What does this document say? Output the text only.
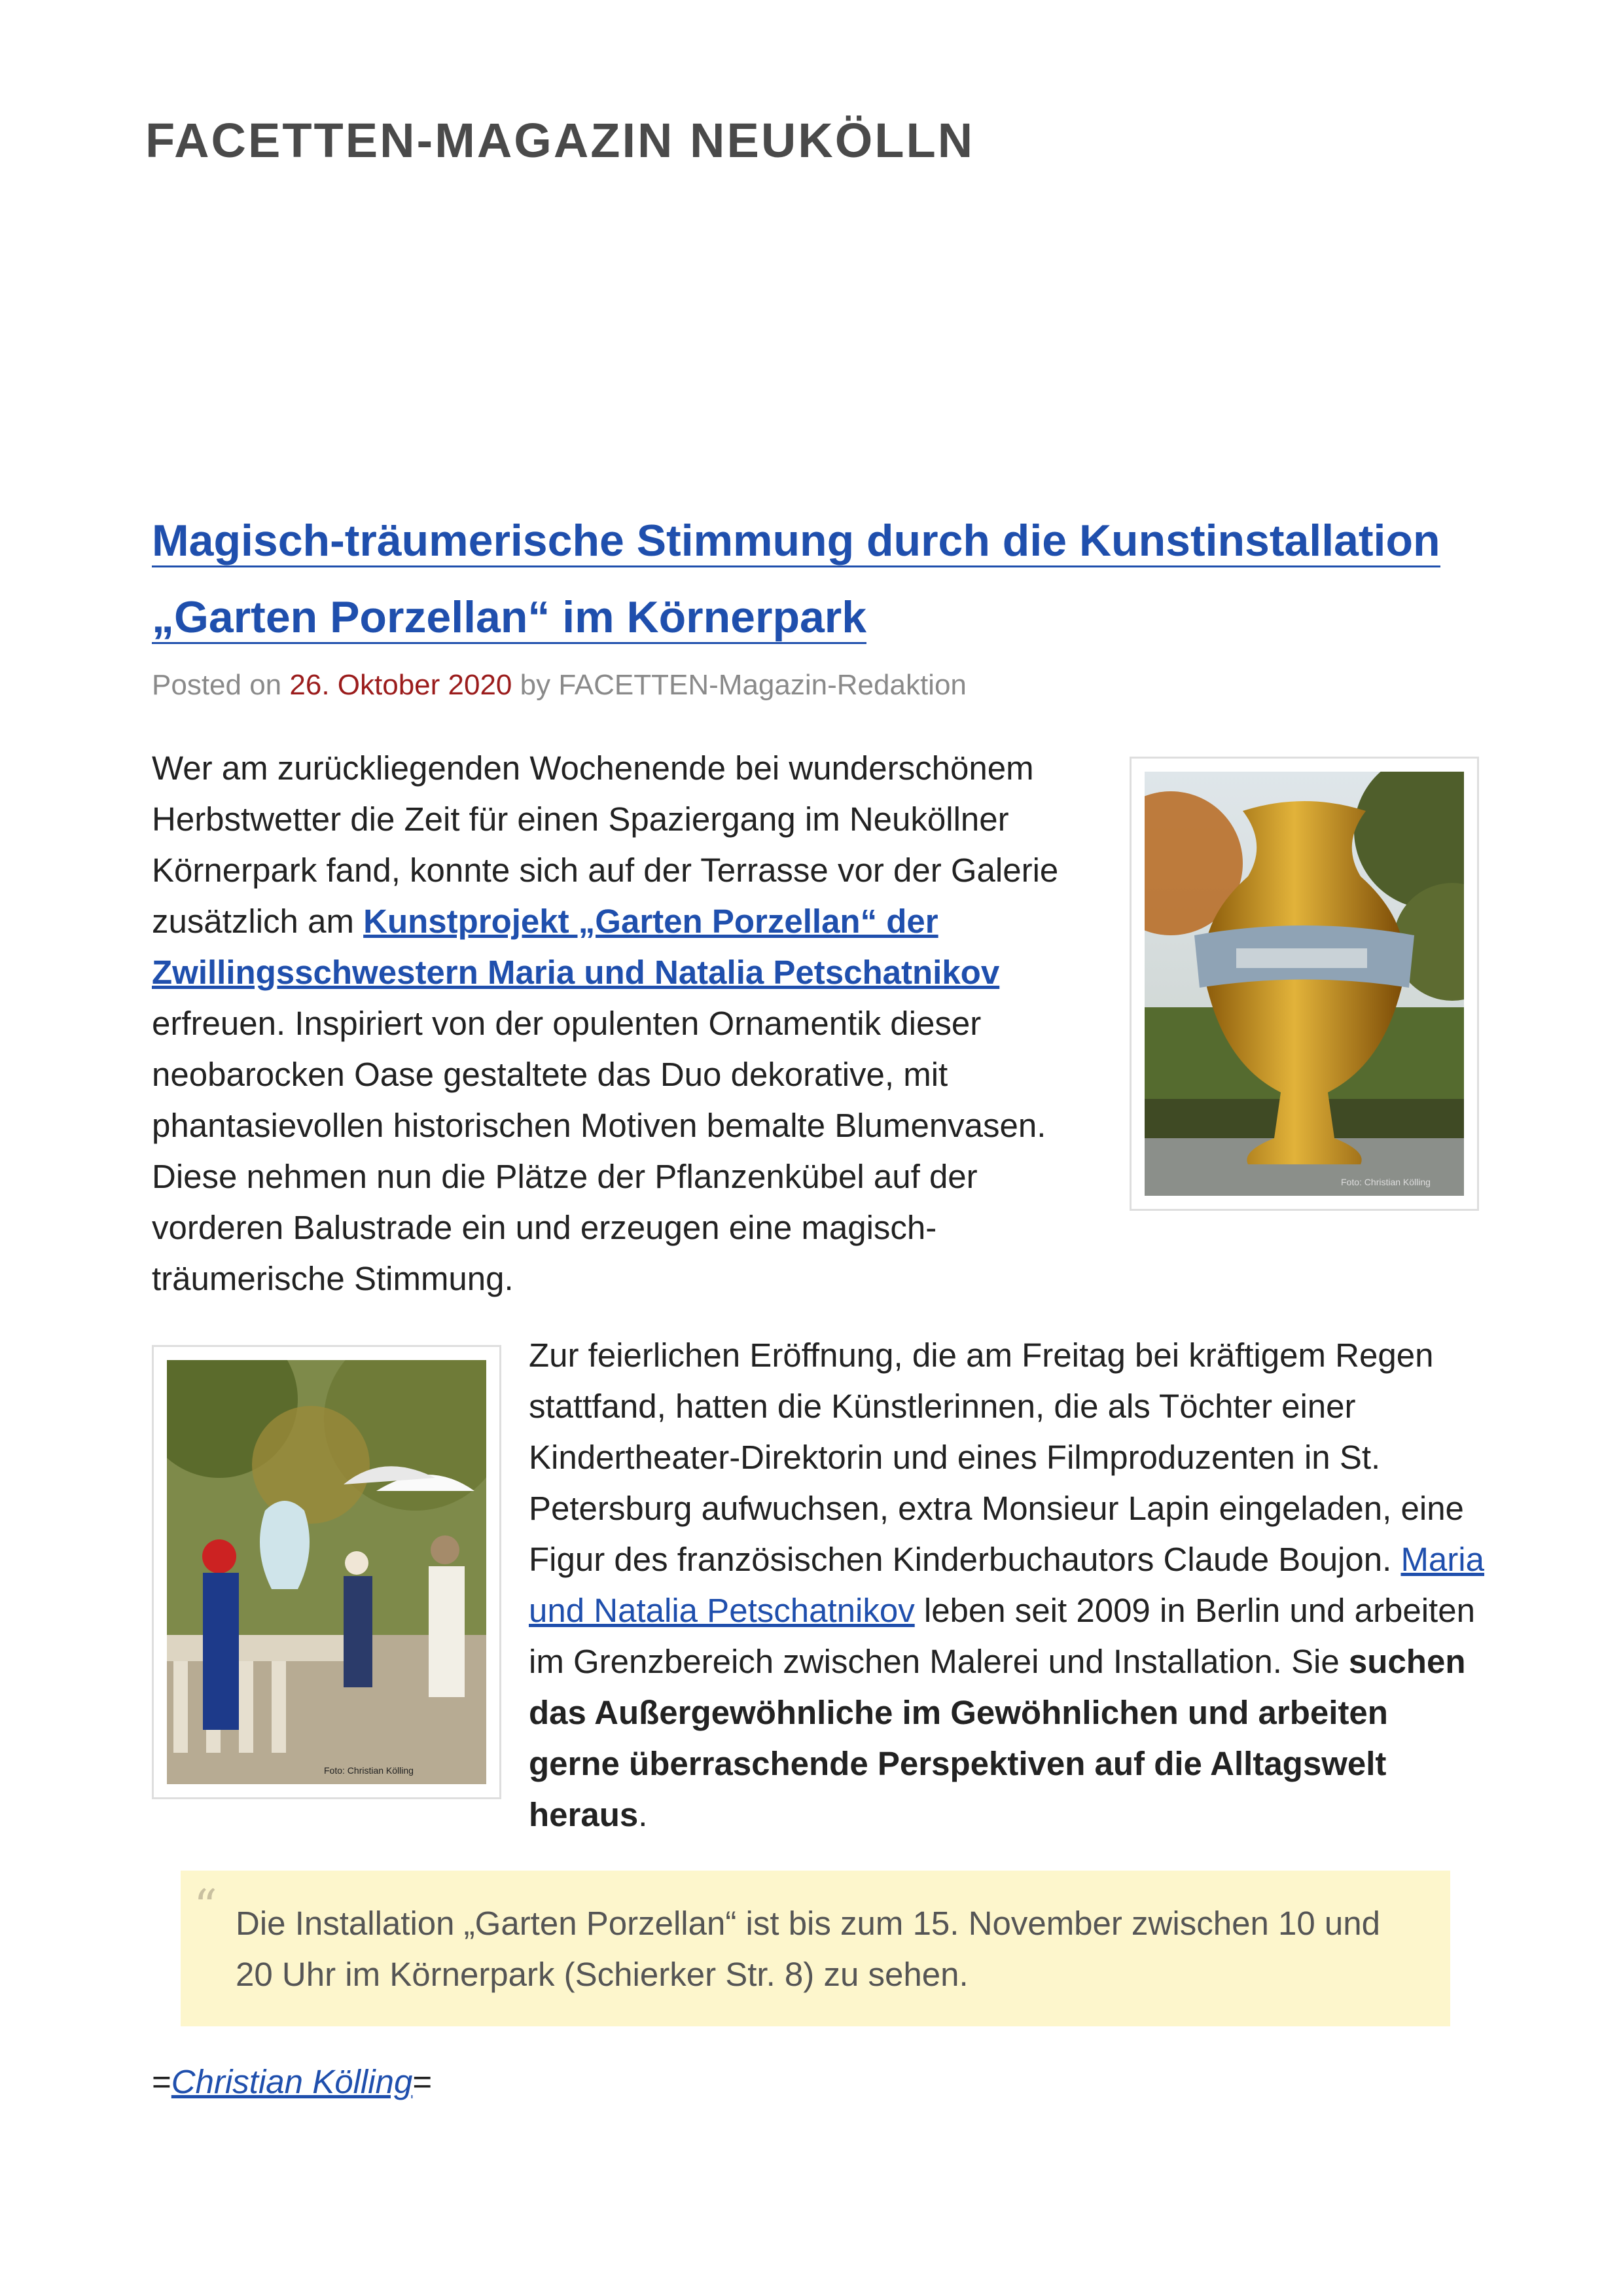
FACETTEN-MAGAZIN NEUKÖLLN
Magisch-träumerische Stimmung durch die Kunstinstallation „Garten Porzellan“ im Körnerpark
Posted on 26. Oktober 2020 by FACETTEN-Magazin-Redaktion

Wer am zurückliegenden Wochenende bei wunderschönem Herbstwetter die Zeit für einen Spaziergang im Neuköllner Körnerpark fand, konnte sich auf der Terrasse vor der Galerie zusätzlich am Kunstprojekt „Garten Porzellan“ der Zwillingsschwestern Maria und Natalia Petschatnikov erfreuen. Inspiriert von der opulenten Ornamentik dieser neobarocken Oase gestaltete das Duo dekorative, mit phantasievollen historischen Motiven bemalte Blumenvasen. Diese nehmen nun die Plätze der Pflanzenkübel auf der vorderen Balustrade ein und erzeugen eine magisch-träumerische Stimmung.

Foto: Christian Kölling
Foto: Christian Kölling

Zur feierlichen Eröffnung, die am Freitag bei kräftigem Regen stattfand, hatten die Künstlerinnen, die als Töchter einer Kindertheater-Direktorin und eines Filmproduzenten in St. Petersburg aufwuchsen, extra Monsieur Lapin eingeladen, eine Figur des französischen Kinderbuchautors Claude Boujon. Maria und Natalia Petschatnikov leben seit 2009 in Berlin und arbeiten im Grenzbereich zwischen Malerei und Installation. Sie suchen das Außergewöhnliche im Gewöhnlichen und arbeiten gerne überraschende Perspektiven auf die Alltagswelt heraus.

“ Die Installation „Garten Porzellan“ ist bis zum 15. November zwischen 10 und 20 Uhr im Körnerpark (Schierker Str. 8) zu sehen.
=Christian Kölling=
